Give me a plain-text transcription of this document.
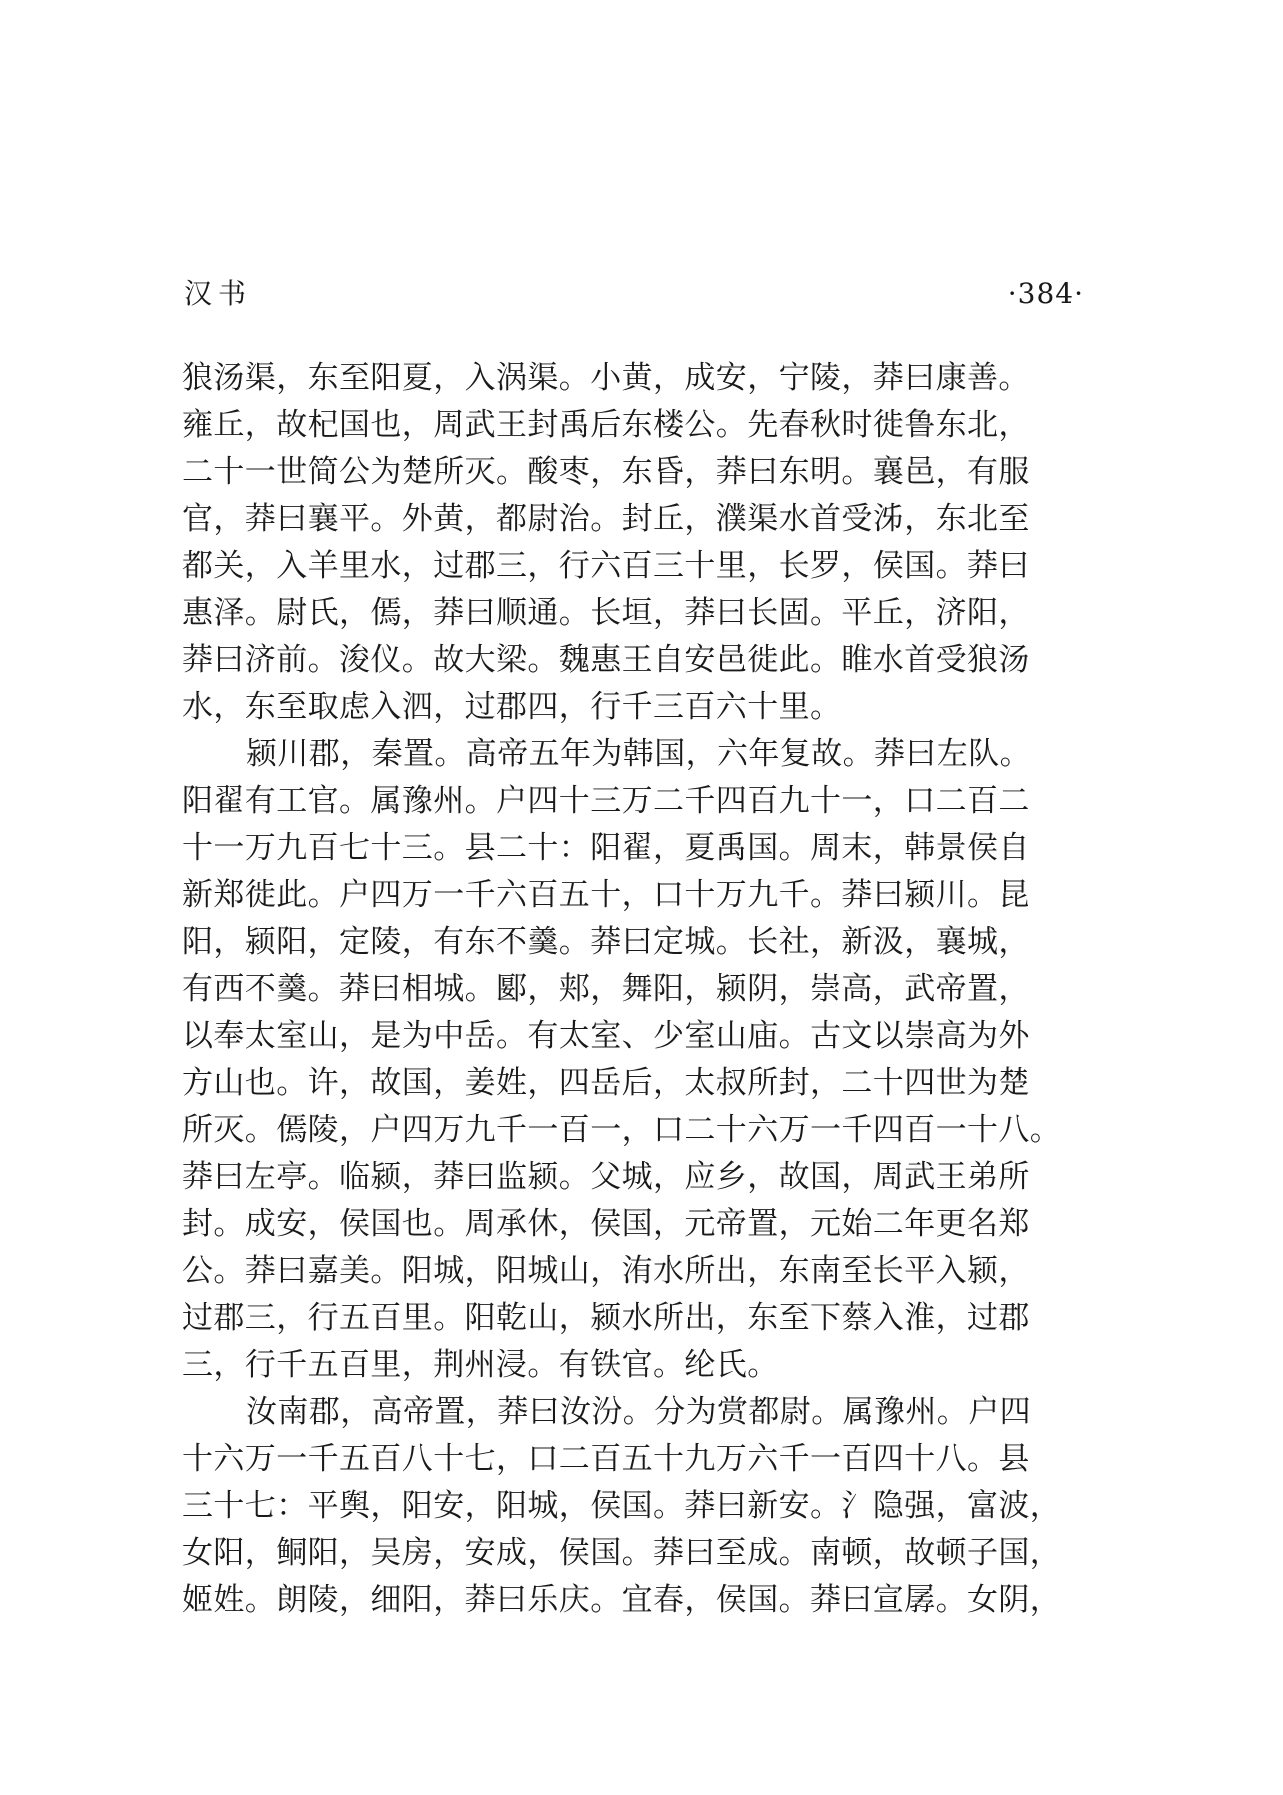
汉书	·384·
狼汤渠，东至阳夏，入涡渠。小黄，成安，宁陵，莽曰康善。
雍丘，故杞国也，周武王封禹后东楼公。先春秋时徙鲁东北，
二十一世简公为楚所灭。酸枣，东昏，莽曰东明。襄邑，有服
官，莽曰襄平。外黄，都尉治。封丘，濮渠水首受泲，东北至
都关，入羊里水，过郡三，行六百三十里，长罗，侯国。莽曰
惠泽。尉氏，傿，莽曰顺通。长垣，莽曰长固。平丘，济阳，
莽曰济前。浚仪。故大梁。魏惠王自安邑徙此。睢水首受狼汤
水，东至取虑入泗，过郡四，行千三百六十里。
颍川郡，秦置。高帝五年为韩国，六年复故。莽曰左队。
阳翟有工官。属豫州。户四十三万二千四百九十一，口二百二
十一万九百七十三。县二十：阳翟，夏禹国。周末，韩景侯自
新郑徙此。户四万一千六百五十，口十万九千。莽曰颍川。昆
阳，颍阳，定陵，有东不羹。莽曰定城。长社，新汲，襄城，
有西不羹。莽曰相城。郾，郏，舞阳，颍阴，崇高，武帝置，
以奉太室山，是为中岳。有太室、少室山庙。古文以崇高为外
方山也。许，故国，姜姓，四岳后，太叔所封，二十四世为楚
所灭。傿陵，户四万九千一百一，口二十六万一千四百一十八。
莽曰左亭。临颍，莽曰监颍。父城，应乡，故国，周武王弟所
封。成安，侯国也。周承休，侯国，元帝置，元始二年更名郑
公。莽曰嘉美。阳城，阳城山，洧水所出，东南至长平入颍，
过郡三，行五百里。阳乾山，颍水所出，东至下蔡入淮，过郡
三，行千五百里，荆州浸。有铁官。纶氏。
汝南郡，高帝置，莽曰汝汾。分为赏都尉。属豫州。户四
十六万一千五百八十七，口二百五十九万六千一百四十八。县
三十七：平舆，阳安，阳城，侯国。莽曰新安。氵隐强，富波，
女阳，鲖阳，吴房，安成，侯国。莽曰至成。南顿，故顿子国，
姬姓。朗陵，细阳，莽曰乐庆。宜春，侯国。莽曰宣孱。女阴，
